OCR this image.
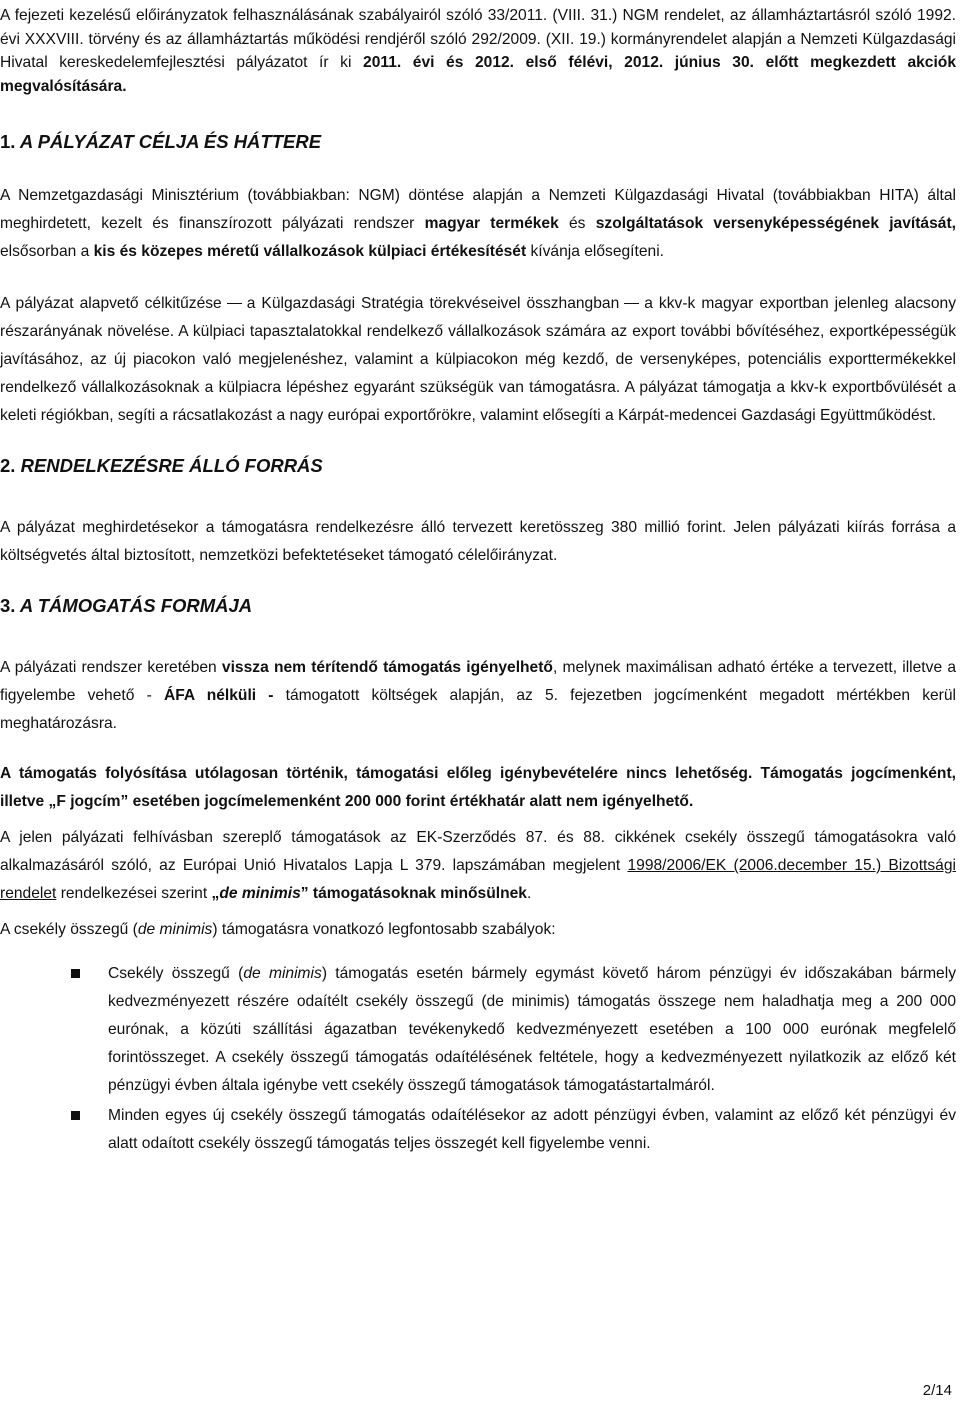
A fejezeti kezelésű előirányzatok felhasználásának szabályairól szóló 33/2011. (VIII. 31.) NGM rendelet, az államháztartásról szóló 1992. évi XXXVIII. törvény és az államháztartás működési rendjéről szóló 292/2009. (XII. 19.) kormányrendelet alapján a Nemzeti Külgazdasági Hivatal kereskedelemfejlesztési pályázatot ír ki 2011. évi és 2012. első félévi, 2012. június 30. előtt megkezdett akciók megvalósítására.
1. A PÁLYÁZAT CÉLJA ÉS HÁTTERE

A Nemzetgazdasági Minisztérium (továbbiakban: NGM) döntése alapján a Nemzeti Külgazdasági Hivatal (továbbiakban HITA) által meghirdetett, kezelt és finanszírozott pályázati rendszer magyar termékek és szolgáltatások versenyképességének javítását, elsősorban a kis és közepes méretű vállalkozások külpiaci értékesítését kívánja elősegíteni.

A pályázat alapvető célkitűzése a Külgazdasági Stratégia törekvéseivel összhangban a kkv-k magyar exportban jelenleg alacsony részarányának növelése. A külpiaci tapasztalatokkal rendelkező vállalkozások számára az export további bővítéséhez, exportképességük javításához, az új piacokon való megjelenéshez, valamint a külpiacokon még kezdő, de versenyképes, potenciális exporttermékekkel rendelkező vállalkozásoknak a külpiacra lépéshez egyaránt szükségük van támogatásra. A pályázat támogatja a kkv-k exportbővülését a keleti régiókban, segíti a rácsatlakozást a nagy európai exportőrökre, valamint elősegíti a Kárpát-medencei Gazdasági Együttműködést.

2. RENDELKEZÉSRE ÁLLÓ FORRÁS

A pályázat meghirdetésekor a támogatásra rendelkezésre álló tervezett keretösszeg 380 millió forint. Jelen pályázati kiírás forrása a költségvetés által biztosított, nemzetközi befektetéseket támogató célelőirányzat.

3. A TÁMOGATÁS FORMÁJA

A pályázati rendszer keretében vissza nem térítendő támogatás igényelhető, melynek maximálisan adható értéke a tervezett, illetve a figyelembe vehető - ÁFA nélküli - támogatott költségek alapján, az 5. fejezetben jogcímenként megadott mértékben kerül meghatározásra.

A támogatás folyósítása utólagosan történik, támogatási előleg igénybevételére nincs lehetőség. Támogatás jogcímenként, illetve „F jogcím” esetében jogcímelemenként 200 000 forint értékhatár alatt nem igényelhető.

A jelen pályázati felhívásban szereplő támogatások az EK-Szerződés 87. és 88. cikkének csekély összegű támogatásokra való alkalmazásáról szóló, az Európai Unió Hivatalos Lapja L 379. lapszámában megjelent 1998/2006/EK (2006.december 15.) Bizottsági rendelet rendelkezései szerint „de minimis” támogatásoknak minősülnek.

A csekély összegű (de minimis) támogatásra vonatkozó legfontosabb szabályok:

Csekély összegű (de minimis) támogatás esetén bármely egymást követő három pénzügyi év időszakában bármely kedvezményezett részére odaítélt csekély összegű (de minimis) támogatás összege nem haladhatja meg a 200 000 eurónak, a közúti szállítási ágazatban tevékenykedő kedvezményezett esetében a 100 000 eurónak megfelelő forintösszeget. A csekély összegű támogatás odaítélésének feltétele, hogy a kedvezményezett nyilatkozik az előző két pénzügyi évben általa igénybe vett csekély összegű támogatások támogatástartalmáról.
Minden egyes új csekély összegű támogatás odaítélésekor az adott pénzügyi évben, valamint az előző két pénzügyi év alatt odaított csekély összegű támogatás teljes összegét kell figyelembe venni.
2/14
